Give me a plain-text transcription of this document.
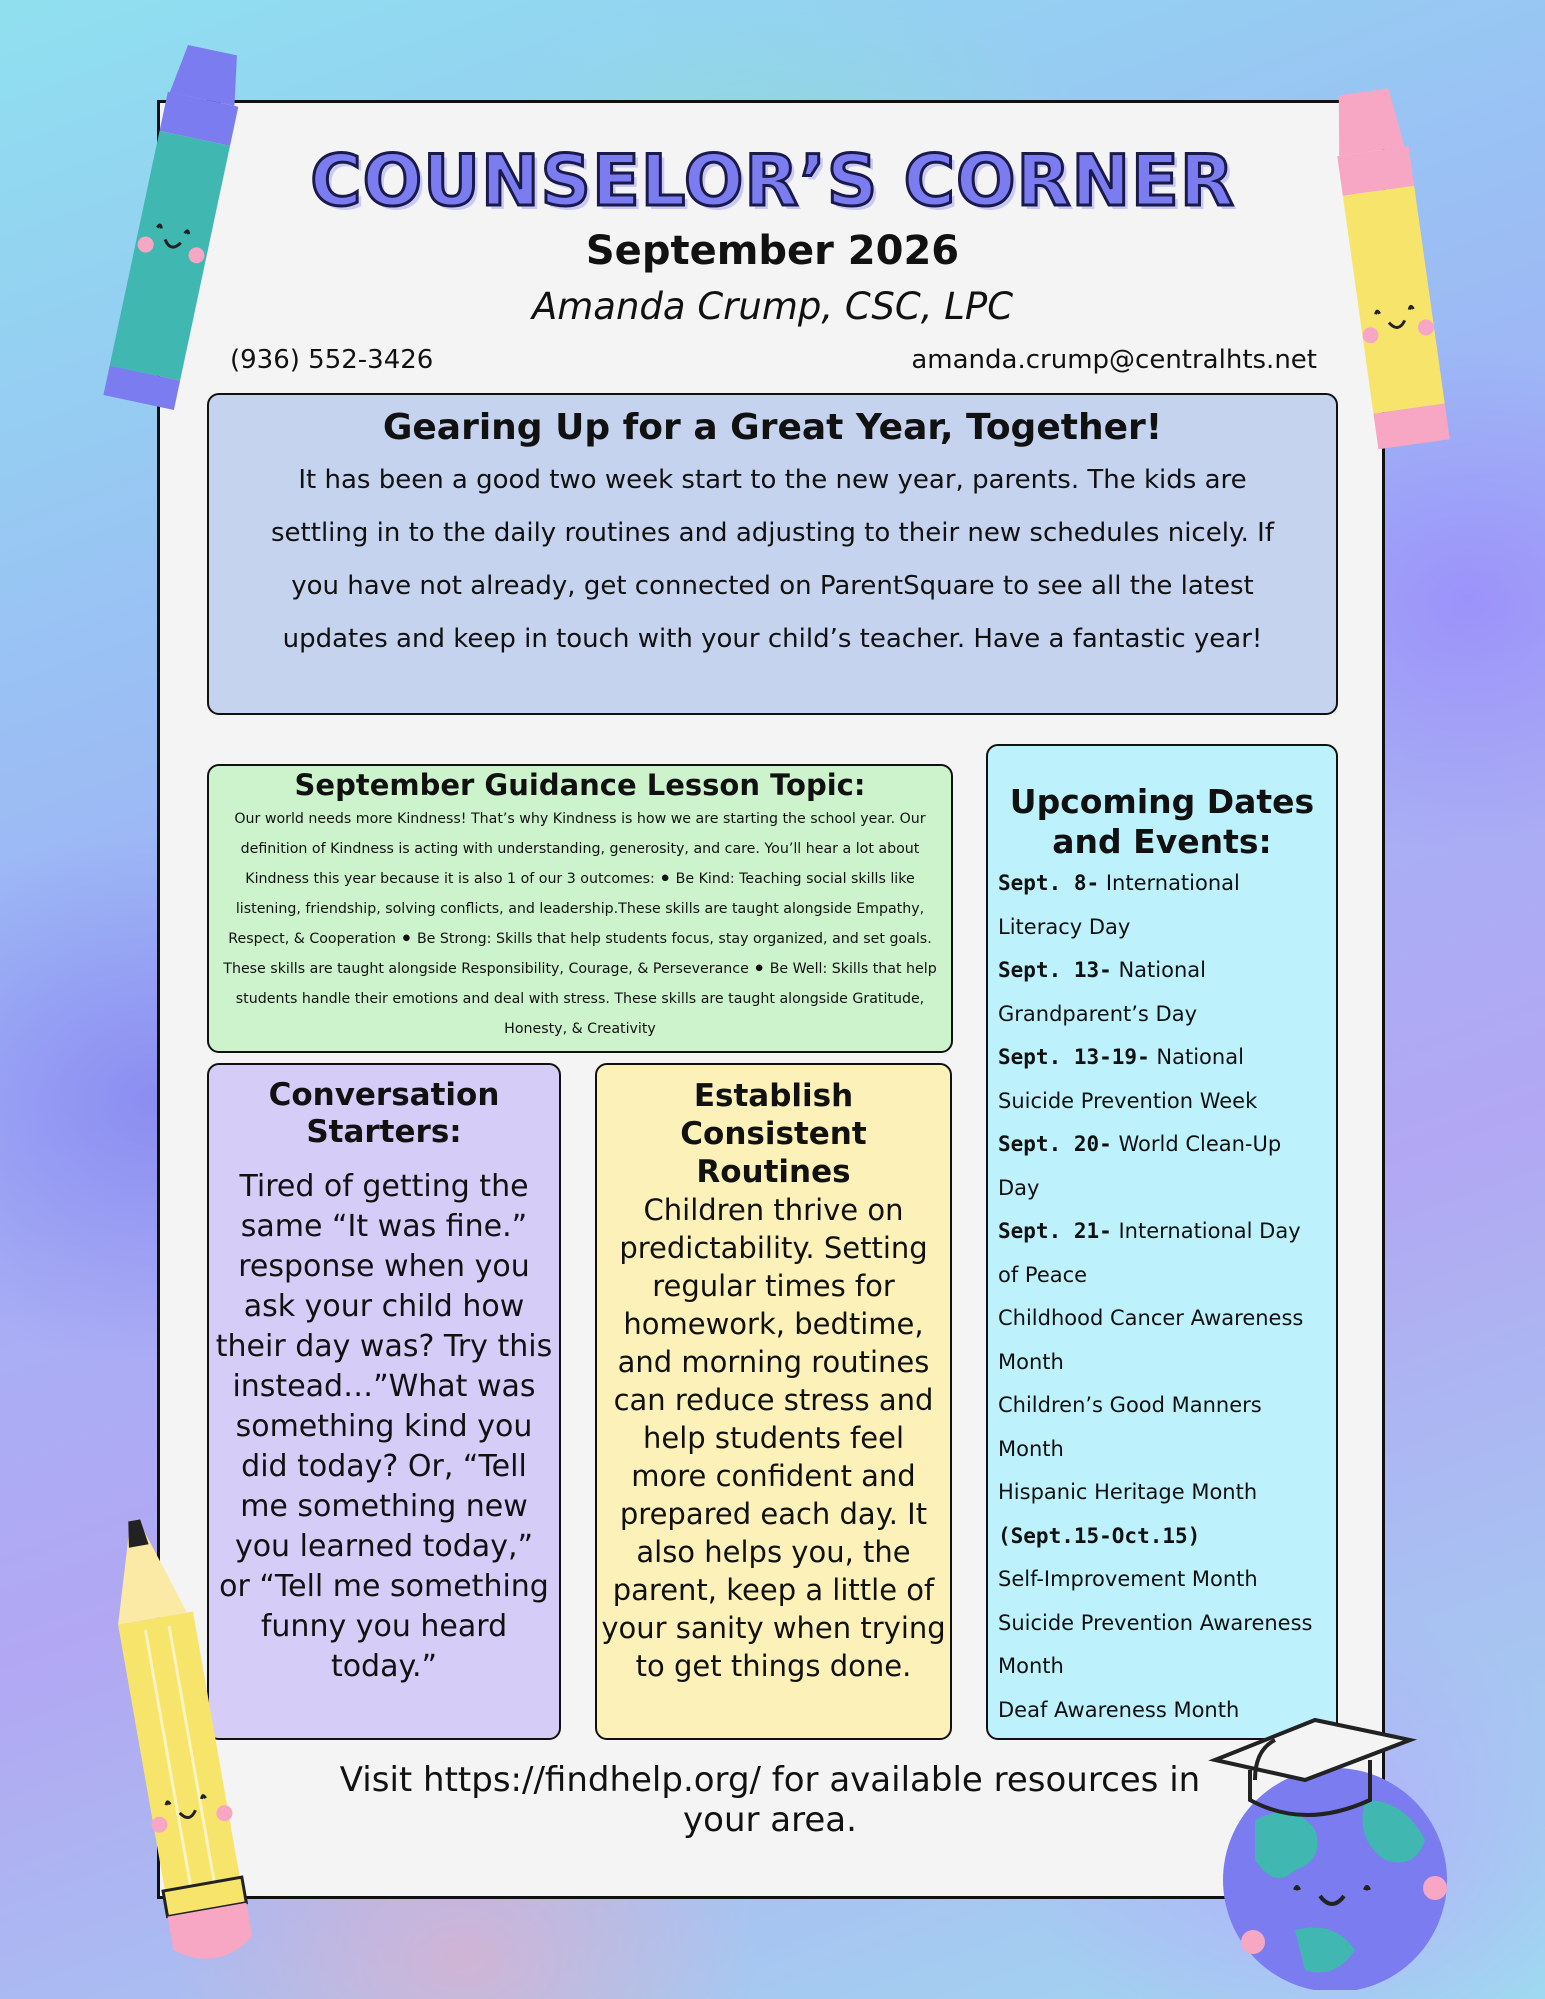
COUNSELOR’S CORNER
September 2026
Amanda Crump, CSC, LPC
(936) 552-3426	amanda.crump@centralhts.net
Gearing Up for a Great Year, Together!

It has been a good two week start to the new year, parents. The kids are settling in to the daily routines and adjusting to their new schedules nicely. If you have not already, get connected on ParentSquare to see all the latest updates and keep in touch with your child’s teacher. Have a fantastic year!

September Guidance Lesson Topic:

Our world needs more Kindness! That’s why Kindness is how we are starting the school year. Our definition of Kindness is acting with understanding, generosity, and care. You’ll hear a lot about Kindness this year because it is also 1 of our 3 outcomes: ⚫ Be Kind: Teaching social skills like listening, friendship, solving conflicts, and leadership.These skills are taught alongside Empathy, Respect, & Cooperation ⚫ Be Strong: Skills that help students focus, stay organized, and set goals. These skills are taught alongside Responsibility, Courage, & Perseverance ⚫ Be Well: Skills that help students handle their emotions and deal with stress. These skills are taught alongside Gratitude, Honesty, & Creativity

Conversation Starters:

Tired of getting the same “It was fine.” response when you ask your child how their day was? Try this instead…”What was something kind you did today? Or, “Tell me something new you learned today,” or “Tell me something funny you heard today.”

Establish Consistent Routines

Children thrive on predictability. Setting regular times for homework, bedtime, and morning routines can reduce stress and help students feel more confident and prepared each day. It also helps you, the parent, keep a little of your sanity when trying to get things done.

Upcoming Dates and Events:
Sept. 8- International
Literacy Day
Sept. 13- National
Grandparent’s Day
Sept. 13-19- National
Suicide Prevention Week
Sept. 20- World Clean-Up
Day
Sept. 21- International Day
of Peace
Childhood Cancer Awareness
Month
Children’s Good Manners
Month
Hispanic Heritage Month
(Sept.15-Oct.15)
Self-Improvement Month
Suicide Prevention Awareness
Month
Deaf Awareness Month
Visit https://findhelp.org/ for available resources in your area.
